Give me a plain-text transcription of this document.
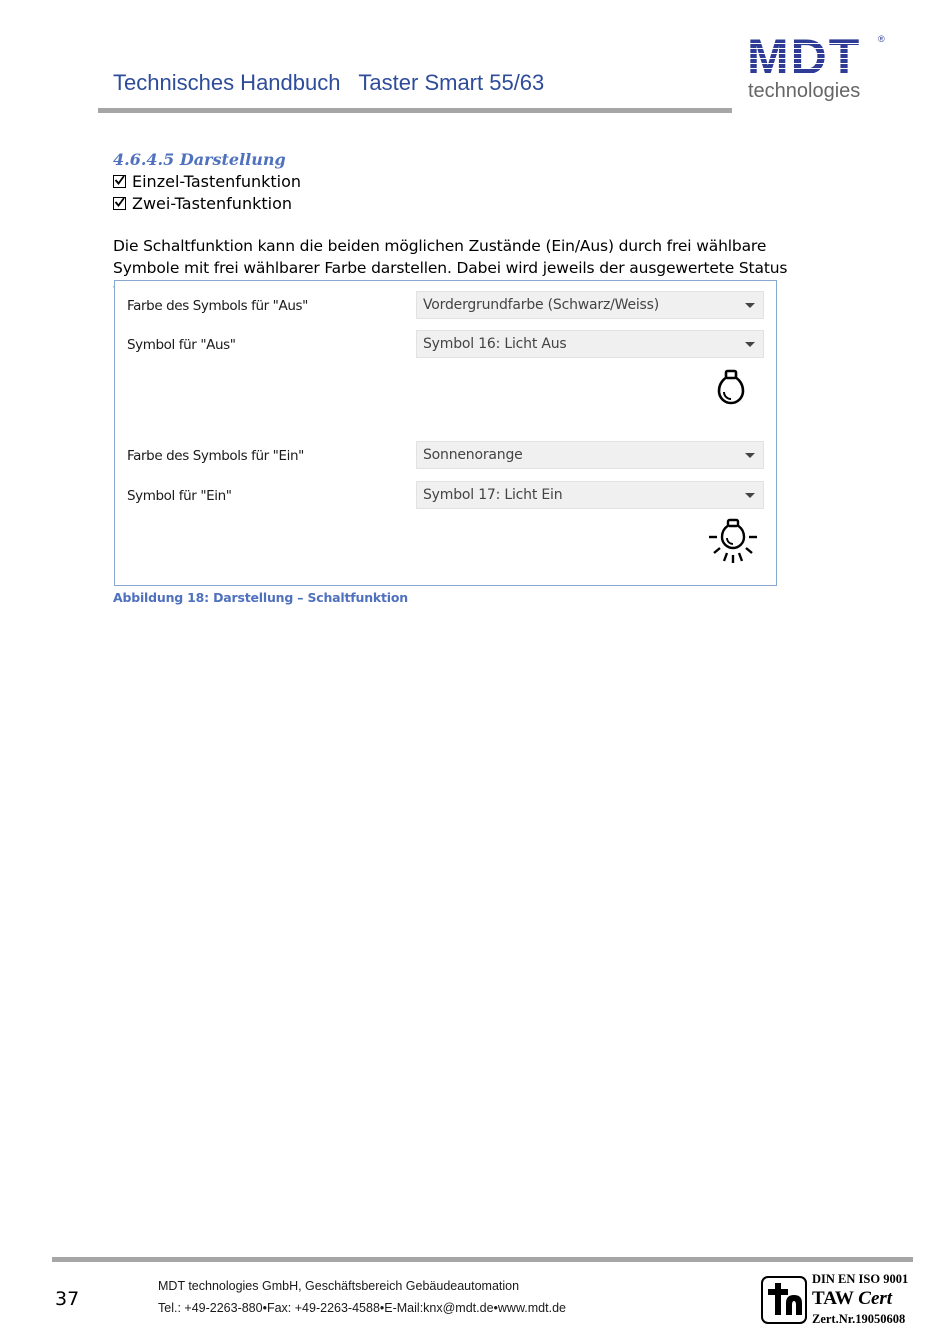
Technisches Handbuch   Taster Smart 55/63	MDT ®
technologies
4.6.4.5 Darstellung
Einzel-Tastenfunktion
Zwei-Tastenfunktion
Die Schaltfunktion kann die beiden möglichen Zustände (Ein/Aus) durch frei wählbare Symbole mit frei wählbarer Farbe darstellen. Dabei wird jeweils der ausgewertete Status
Farbe des Symbols für "Aus"	Vordergrundfarbe (Schwarz/Weiss)
Symbol für "Aus"	Symbol 16: Licht Aus
Farbe des Symbols für "Ein"	Sonnenorange
Symbol für "Ein"	Symbol 17: Licht Ein
Abbildung 18: Darstellung – Schaltfunktion
37
MDT technologies GmbH, Geschäftsbereich Gebäudeautomation
Tel.: +49-2263-880•Fax: +49-2263-4588•E-Mail:knx@mdt.de•www.mdt.de
DIN EN ISO 9001
TAW Cert
Zert.Nr.19050608
